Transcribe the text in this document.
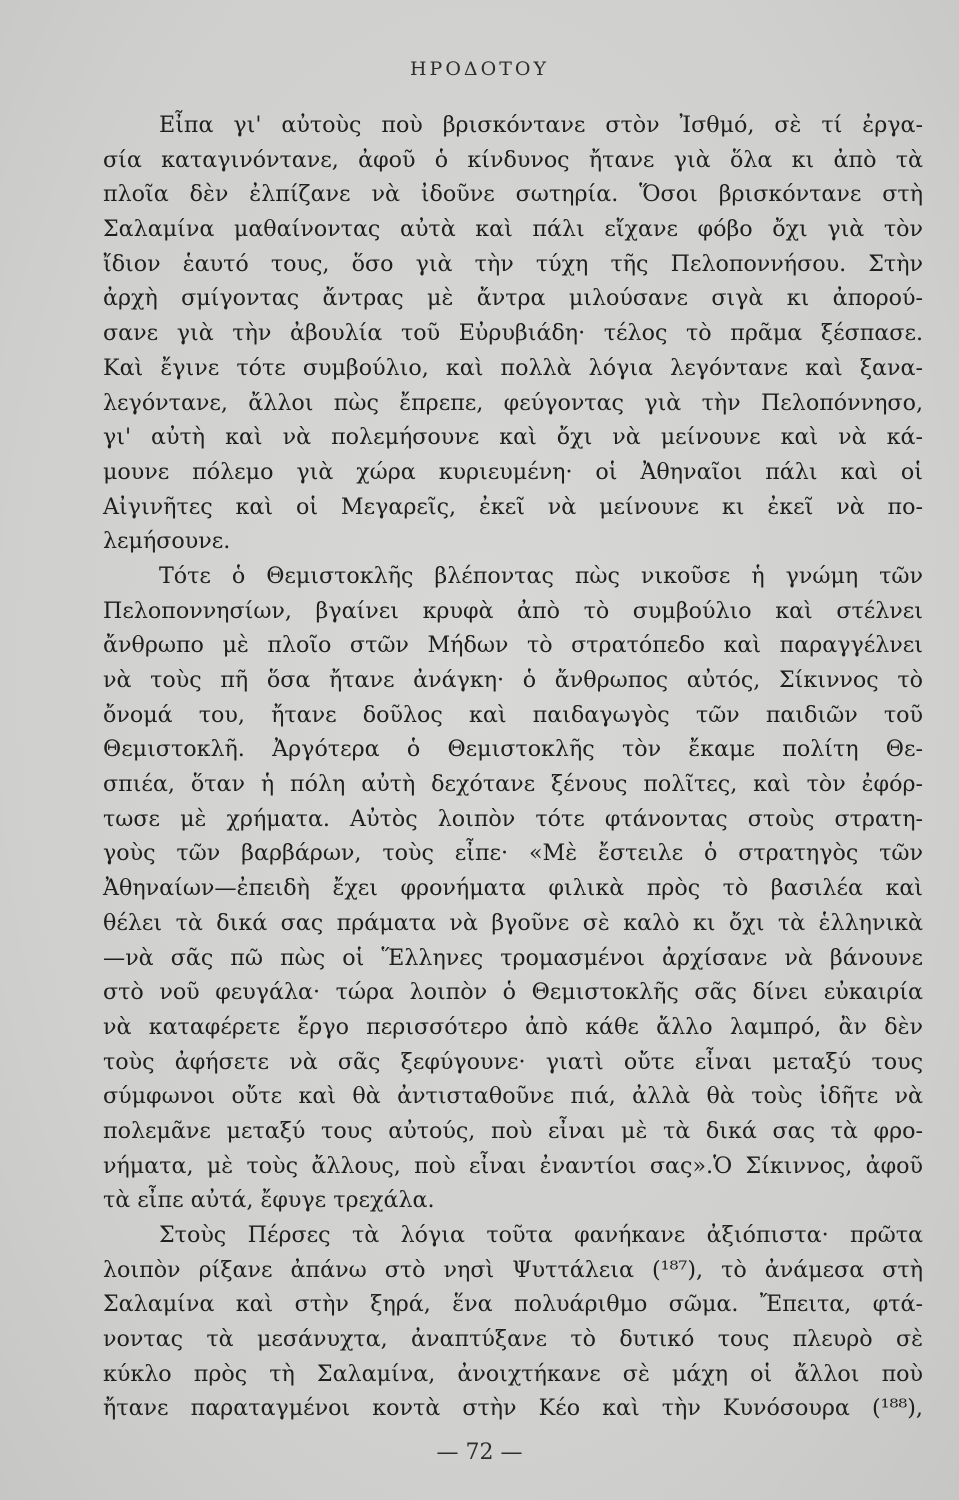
ΗΡΟΔΟΤΟΥ
Εἶπα γι' αὐτοὺς ποὺ βρισκόντανε στὸν Ἰσθμό, σὲ τί ἐργα-
σία καταγινόντανε, ἀφοῦ ὁ κίνδυνος ἤτανε γιὰ ὅλα κι ἀπὸ τὰ
πλοῖα δὲν ἐλπίζανε νὰ ἰδοῦνε σωτηρία. Ὅσοι βρισκόντανε στὴ
Σαλαμίνα μαθαίνοντας αὐτὰ καὶ πάλι εἴχανε φόβο ὄχι γιὰ τὸν
ἴδιον ἑαυτό τους, ὅσο γιὰ τὴν τύχη τῆς Πελοποννήσου. Στὴν
ἀρχὴ σμίγοντας ἄντρας μὲ ἄντρα μιλούσανε σιγὰ κι ἀπορού-
σανε γιὰ τὴν ἀβουλία τοῦ Εὐρυβιάδη· τέλος τὸ πρᾶμα ξέσπασε.
Καὶ ἔγινε τότε συμβούλιο, καὶ πολλὰ λόγια λεγόντανε καὶ ξανα-
λεγόντανε, ἄλλοι πὼς ἔπρεπε, φεύγοντας γιὰ τὴν Πελοπόννησο,
γι' αὐτὴ καὶ νὰ πολεμήσουνε καὶ ὄχι νὰ μείνουνε καὶ νὰ κά-
μουνε πόλεμο γιὰ χώρα κυριευμένη· οἱ Ἀθηναῖοι πάλι καὶ οἱ
Αἰγινῆτες καὶ οἱ Μεγαρεῖς, ἐκεῖ νὰ μείνουνε κι ἐκεῖ νὰ πο-
λεμήσουνε.
Τότε ὁ Θεμιστοκλῆς βλέποντας πὼς νικοῦσε ἡ γνώμη τῶν
Πελοποννησίων, βγαίνει κρυφὰ ἀπὸ τὸ συμβούλιο καὶ στέλνει
ἄνθρωπο μὲ πλοῖο στῶν Μήδων τὸ στρατόπεδο καὶ παραγγέλνει
νὰ τοὺς πῆ ὅσα ἤτανε ἀνάγκη· ὁ ἄνθρωπος αὐτός, Σίκιννος τὸ
ὄνομά του, ἤτανε δοῦλος καὶ παιδαγωγὸς τῶν παιδιῶν τοῦ
Θεμιστοκλῆ. Ἀργότερα ὁ Θεμιστοκλῆς τὸν ἔκαμε πολίτη Θε-
σπιέα, ὅταν ἡ πόλη αὐτὴ δεχότανε ξένους πολῖτες, καὶ τὸν ἐφόρ-
τωσε μὲ χρήματα. Αὐτὸς λοιπὸν τότε φτάνοντας στοὺς στρατη-
γοὺς τῶν βαρβάρων, τοὺς εἶπε· «Μὲ ἔστειλε ὁ στρατηγὸς τῶν
Ἀθηναίων—ἐπειδὴ ἔχει φρονήματα φιλικὰ πρὸς τὸ βασιλέα καὶ
θέλει τὰ δικά σας πράματα νὰ βγοῦνε σὲ καλὸ κι ὄχι τὰ ἑλληνικὰ
—νὰ σᾶς πῶ πὼς οἱ Ἕλληνες τρομασμένοι ἀρχίσανε νὰ βάνουνε
στὸ νοῦ φευγάλα· τώρα λοιπὸν ὁ Θεμιστοκλῆς σᾶς δίνει εὐκαιρία
νὰ καταφέρετε ἔργο περισσότερο ἀπὸ κάθε ἄλλο λαμπρό, ἂν δὲν
τοὺς ἀφήσετε νὰ σᾶς ξεφύγουνε· γιατὶ οὔτε εἶναι μεταξύ τους
σύμφωνοι οὔτε καὶ θὰ ἀντισταθοῦνε πιά, ἀλλὰ θὰ τοὺς ἰδῆτε νὰ
πολεμᾶνε μεταξύ τους αὐτούς, ποὺ εἶναι μὲ τὰ δικά σας τὰ φρο-
νήματα, μὲ τοὺς ἄλλους, ποὺ εἶναι ἐναντίοι σας».Ὁ Σίκιννος, ἀφοῦ
τὰ εἶπε αὐτά, ἔφυγε τρεχάλα.
Στοὺς Πέρσες τὰ λόγια τοῦτα φανήκανε ἀξιόπιστα· πρῶτα
λοιπὸν ρίξανε ἀπάνω στὸ νησὶ Ψυττάλεια (¹⁸⁷), τὸ ἀνάμεσα στὴ
Σαλαμίνα καὶ στὴν ξηρά, ἕνα πολυάριθμο σῶμα. Ἔπειτα, φτά-
νοντας τὰ μεσάνυχτα, ἀναπτύξανε τὸ δυτικό τους πλευρὸ σὲ
κύκλο πρὸς τὴ Σαλαμίνα, ἀνοιχτήκανε σὲ μάχη οἱ ἄλλοι ποὺ
ἤτανε παραταγμένοι κοντὰ στὴν Κέο καὶ τὴν Κυνόσουρα (¹⁸⁸),
— 72 —
